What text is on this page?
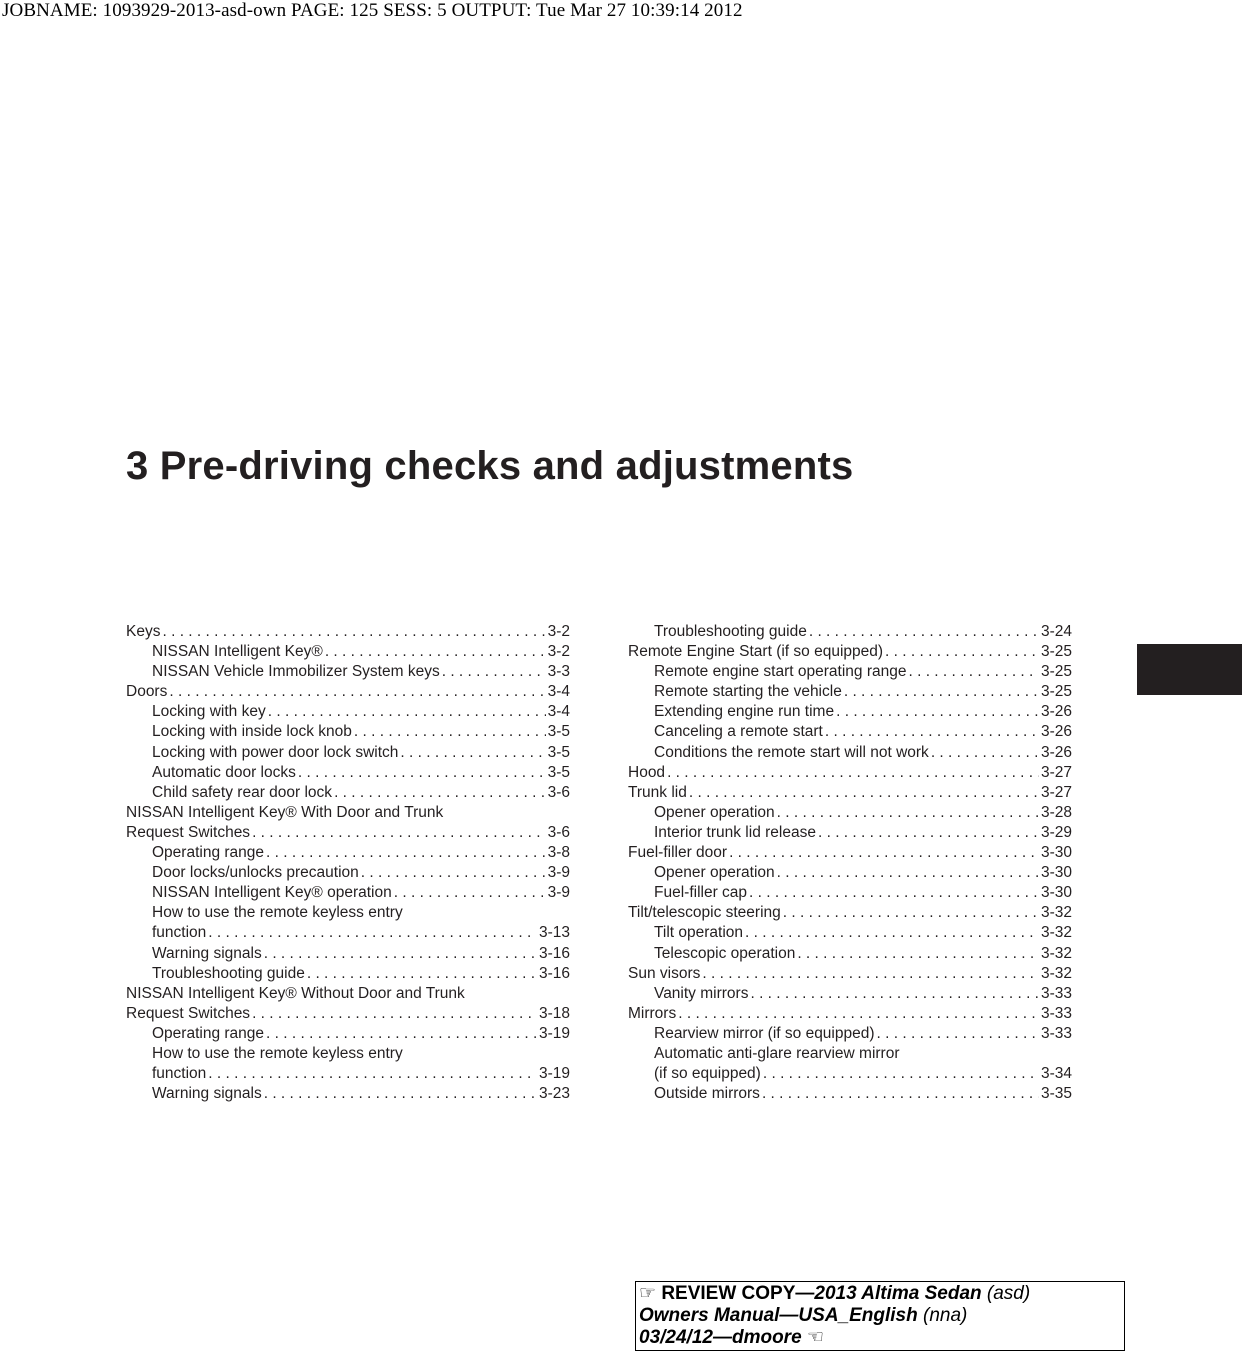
JOBNAME: 1093929-2013-asd-own PAGE: 125 SESS: 5 OUTPUT: Tue Mar 27 10:39:14 2012
3 Pre-driving checks and adjustments
Keys . . .	3-2
NISSAN Intelligent Key® . . .	3-2
NISSAN Vehicle Immobilizer System keys . . .	3-3
Doors . . .	3-4
Locking with key . . .	3-4
Locking with inside lock knob . . .	3-5
Locking with power door lock switch . . .	3-5
Automatic door locks . . .	3-5
Child safety rear door lock . . .	3-6
NISSAN Intelligent Key® With Door and Trunk
Request Switches . . .	3-6
Operating range . . .	3-8
Door locks/unlocks precaution . . .	3-9
NISSAN Intelligent Key® operation . . .	3-9
How to use the remote keyless entry
function . . .	3-13
Warning signals . . .	3-16
Troubleshooting guide . . .	3-16
NISSAN Intelligent Key® Without Door and Trunk
Request Switches . . .	3-18
Operating range . . .	3-19
How to use the remote keyless entry
function . . .	3-19
Warning signals . . .	3-23
Troubleshooting guide . . .	3-24
Remote Engine Start (if so equipped) . . .	3-25
Remote engine start operating range . . .	3-25
Remote starting the vehicle . . .	3-25
Extending engine run time . . .	3-26
Canceling a remote start . . .	3-26
Conditions the remote start will not work . . .	3-26
Hood . . .	3-27
Trunk lid . . .	3-27
Opener operation . . .	3-28
Interior trunk lid release . . .	3-29
Fuel-filler door . . .	3-30
Opener operation . . .	3-30
Fuel-filler cap . . .	3-30
Tilt/telescopic steering . . .	3-32
Tilt operation . . .	3-32
Telescopic operation . . .	3-32
Sun visors . . .	3-32
Vanity mirrors . . .	3-33
Mirrors . . .	3-33
Rearview mirror (if so equipped) . . .	3-33
Automatic anti-glare rearview mirror
(if so equipped) . . .	3-34
Outside mirrors . . .	3-35
☞ REVIEW COPY—2013 Altima Sedan (asd)
Owners Manual—USA_English (nna)
03/24/12—dmoore ☞
